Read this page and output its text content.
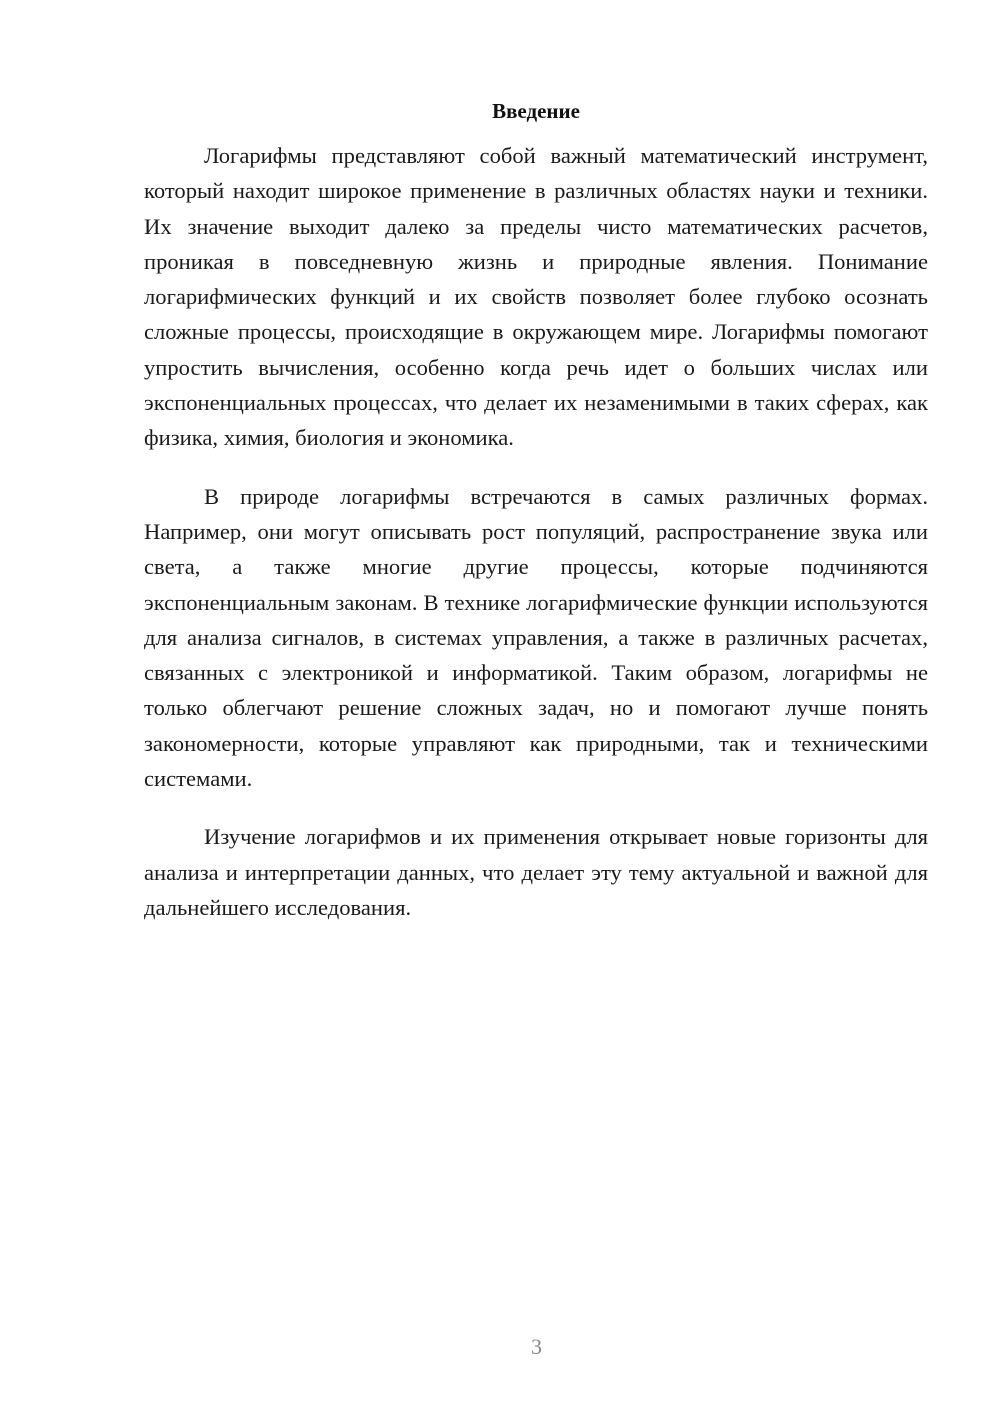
Введение

Логарифмы представляют собой важный математический инструмент, который находит широкое применение в различных областях науки и техники. Их значение выходит далеко за пределы чисто математических расчетов, проникая в повседневную жизнь и природные явления. Понимание логарифмических функций и их свойств позволяет более глубоко осознать сложные процессы, происходящие в окружающем мире. Логарифмы помогают упростить вычисления, особенно когда речь идет о больших числах или экспоненциальных процессах, что делает их незаменимыми в таких сферах, как физика, химия, биология и экономика.

В природе логарифмы встречаются в самых различных формах. Например, они могут описывать рост популяций, распространение звука или света, а также многие другие процессы, которые подчиняются экспоненциальным законам. В технике логарифмические функции используются для анализа сигналов, в системах управления, а также в различных расчетах, связанных с электроникой и информатикой. Таким образом, логарифмы не только облегчают решение сложных задач, но и помогают лучше понять закономерности, которые управляют как природными, так и техническими системами.

Изучение логарифмов и их применения открывает новые горизонты для анализа и интерпретации данных, что делает эту тему актуальной и важной для дальнейшего исследования.

3
